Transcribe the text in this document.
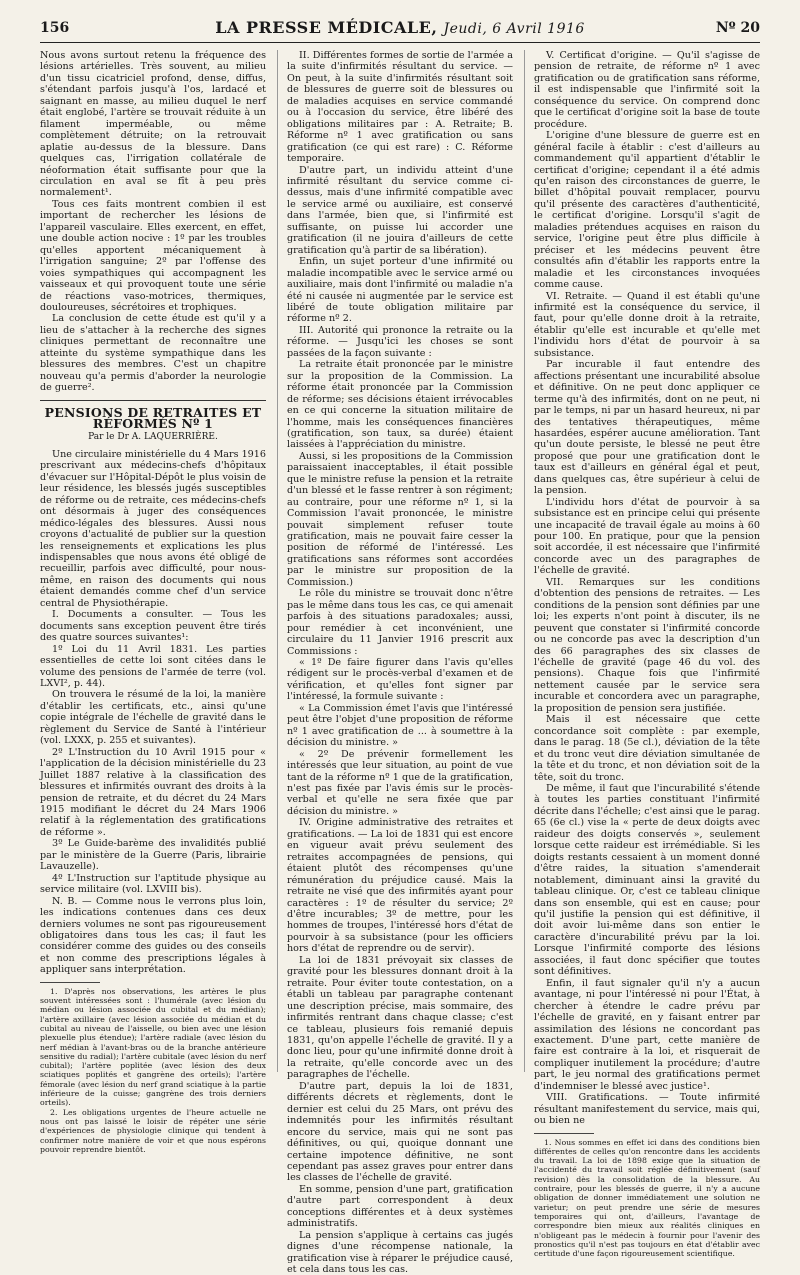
156	LA PRESSE MÉDICALE, Jeudi, 6 Avril 1916	Nº 20

Nous avons surtout retenu la fréquence des lésions artérielles. Très souvent, au milieu d'un tissu cicatriciel profond, dense, diffus, s'étendant parfois jusqu'à l'os, lardacé et saignant en masse, au milieu duquel le nerf était englobé, l'artère se trouvait réduite à un filament imperméable, ou même complètement détruite; on la retrouvait aplatie au-dessus de la blessure. Dans quelques cas, l'irrigation collatérale de néoformation était suffisante pour que la circulation en aval se fît à peu près normalement¹.

Tous ces faits montrent combien il est important de rechercher les lésions de l'appareil vasculaire. Elles exercent, en effet, une double action nocive : 1º par les troubles qu'elles apportent mécaniquement à l'irrigation sanguine; 2º par l'offense des voies sympathiques qui accompagnent les vaisseaux et qui provoquent toute une série de réactions vaso-motrices, thermiques, douloureuses, sécrétoires et trophiques.

La conclusion de cette étude est qu'il y a lieu de s'attacher à la recherche des signes cliniques permettant de reconnaître une atteinte du système sympathique dans les blessures des membres. C'est un chapitre nouveau qu'a permis d'aborder la neurologie de guerre².

PENSIONS DE RETRAITES ET RÉFORMÉS Nº 1
Par le Dr A. LAQUERRIÈRE.

Une circulaire ministérielle du 4 Mars 1916 prescrivant aux médecins-chefs d'hôpitaux d'évacuer sur l'Hôpital-Dépôt le plus voisin de leur résidence, les blessés jugés susceptibles de réforme ou de retraite, ces médecins-chefs ont désormais à juger des conséquences médico-légales des blessures. Aussi nous croyons d'actualité de publier sur la question les renseignements et explications les plus indispensables que nous avons été obligé de recueillir, parfois avec difficulté, pour nous-même, en raison des documents qui nous étaient demandés comme chef d'un service central de Physiothérapie.

I. Documents a consulter. — Tous les documents sans exception peuvent être tirés des quatre sources suivantes¹:

1º Loi du 11 Avril 1831. Les parties essentielles de cette loi sont citées dans le volume des pensions de l'armée de terre (vol. LXVI², p. 44).

On trouvera le résumé de la loi, la manière d'établir les certificats, etc., ainsi qu'une copie intégrale de l'échelle de gravité dans le règlement du Service de Santé à l'intérieur (vol. LXXX, p. 255 et suivantes).

2º L'Instruction du 10 Avril 1915 pour « l'application de la décision ministérielle du 23 Juillet 1887 relative à la classification des blessures et infirmités ouvrant des droits à la pension de retraite, et du décret du 24 Mars 1915 modifiant le décret du 24 Mars 1906 relatif à la réglementation des gratifications de réforme ».

3º Le Guide-barème des invalidités publié par le ministère de la Guerre (Paris, librairie Lavauzelle).

4º L'Instruction sur l'aptitude physique au service militaire (vol. LXVIII bis).

N. B. — Comme nous le verrons plus loin, les indications contenues dans ces deux derniers volumes ne sont pas rigoureusement obligatoires dans tous les cas; il faut les considérer comme des guides ou des conseils et non comme des prescriptions légales à appliquer sans interprétation.

1. D'après nos observations, les artères le plus souvent intéressées sont : l'humérale (avec lésion du médian ou lésion associée du cubital et du médian); l'artère axillaire (avec lésion associée du médian et du cubital au niveau de l'aisselle, ou bien avec une lésion plexuelle plus étendue); l'artère radiale (avec lésion du nerf médian à l'avant-bras ou de la branche antérieure sensitive du radial); l'artère cubitale (avec lésion du nerf cubital); l'artère poplitée (avec lésion des deux sciatiques poplités et gangrène des orteils); l'artère fémorale (avec lésion du nerf grand sciatique à la partie inférieure de la cuisse; gangrène des trois derniers orteils).

2. Les obligations urgentes de l'heure actuelle ne nous ont pas laissé le loisir de répéter une série d'expériences de physiologie clinique qui tendent à confirmer notre manière de voir et que nous espérons pouvoir reprendre bientôt.

II. Différentes formes de sortie de l'armée a la suite d'infirmités résultant du service. — On peut, à la suite d'infirmités résultant soit de blessures de guerre soit de blessures ou de maladies acquises en service commandé ou à l'occasion du service, être libéré des obligations militaires par : A. Retraite; B. Réforme nº 1 avec gratification ou sans gratification (ce qui est rare) : C. Réforme temporaire.

D'autre part, un individu atteint d'une infirmité résultant du service comme ci-dessus, mais d'une infirmité compatible avec le service armé ou auxiliaire, est conservé dans l'armée, bien que, si l'infirmité est suffisante, on puisse lui accorder une gratification (il ne jouira d'ailleurs de cette gratification qu'à partir de sa libération).

Enfin, un sujet porteur d'une infirmité ou maladie incompatible avec le service armé ou auxiliaire, mais dont l'infirmité ou maladie n'a été ni causée ni augmentée par le service est libéré de toute obligation militaire par réforme nº 2.

III. Autorité qui prononce la retraite ou la réforme. — Jusqu'ici les choses se sont passées de la façon suivante :

La retraite était prononcée par le ministre sur la proposition de la Commission. La réforme était prononcée par la Commission de réforme; ses décisions étaient irrévocables en ce qui concerne la situation militaire de l'homme, mais les conséquences financières (gratification, son taux, sa durée) étaient laissées à l'appréciation du ministre.

Aussi, si les propositions de la Commission paraissaient inacceptables, il était possible que le ministre refuse la pension et la retraite d'un blessé et le fasse rentrer à son régiment; au contraire, pour une réforme nº 1, si la Commission l'avait prononcée, le ministre pouvait simplement refuser toute gratification, mais ne pouvait faire cesser la position de réformé de l'intéressé. Les gratifications sans réformes sont accordées par le ministre sur proposition de la Commission.)

Le rôle du ministre se trouvait donc n'être pas le même dans tous les cas, ce qui amenait parfois à des situations paradoxales; aussi, pour remédier à cet inconvénient, une circulaire du 11 Janvier 1916 prescrit aux Commissions :

« 1º De faire figurer dans l'avis qu'elles rédigent sur le procès-verbal d'examen et de vérification, et qu'elles font signer par l'intéressé, la formule suivante :

« La Commission émet l'avis que l'intéressé peut être l'objet d'une proposition de réforme nº 1 avec gratification de ... à soumettre à la décision du ministre. »

« 2º De prévenir formellement les intéressés que leur situation, au point de vue tant de la réforme nº 1 que de la gratification, n'est pas fixée par l'avis émis sur le procès-verbal et qu'elle ne sera fixée que par décision du ministre. »

IV. Origine administrative des retraites et gratifications. — La loi de 1831 qui est encore en vigueur avait prévu seulement des retraites accompagnées de pensions, qui étaient plutôt des récompenses qu'une rémunération du préjudice causé. Mais la retraite ne visé que des infirmités ayant pour caractères : 1º de résulter du service; 2º d'être incurables; 3º de mettre, pour les hommes de troupes, l'intéressé hors d'état de pourvoir à sa subsistance (pour les officiers hors d'état de reprendre ou de servir).

La loi de 1831 prévoyait six classes de gravité pour les blessures donnant droit à la retraite. Pour éviter toute contestation, on a établi un tableau par paragraphe contenant une description précise, mais sommaire, des infirmités rentrant dans chaque classe; c'est ce tableau, plusieurs fois remanié depuis 1831, qu'on appelle l'échelle de gravité. Il y a donc lieu, pour qu'une infirmité donne droit à la retraite, qu'elle concorde avec un des paragraphes de l'échelle.

D'autre part, depuis la loi de 1831, différents décrets et règlements, dont le dernier est celui du 25 Mars, ont prévu des indemnités pour les infirmités résultant encore du service, mais qui ne sont pas définitives, ou qui, quoique donnant une certaine impotence définitive, ne sont cependant pas assez graves pour entrer dans les classes de l'échelle de gravité.

En somme, pension d'une part, gratification d'autre part correspondent à deux conceptions différentes et à deux systèmes administratifs.

La pension s'applique à certains cas jugés dignes d'une récompense nationale, la gratification vise à réparer le préjudice causé, et cela dans tous les cas.

V. Certificat d'origine. — Qu'il s'agisse de pension de retraite, de réforme nº 1 avec gratification ou de gratification sans réforme, il est indispensable que l'infirmité soit la conséquence du service. On comprend donc que le certificat d'origine soit la base de toute procédure.

L'origine d'une blessure de guerre est en général facile à établir : c'est d'ailleurs au commandement qu'il appartient d'établir le certificat d'origine; cependant il a été admis qu'en raison des circonstances de guerre, le billet d'hôpital pouvait remplacer, pourvu qu'il présente des caractères d'authenticité, le certificat d'origine. Lorsqu'il s'agit de maladies prétendues acquises en raison du service, l'origine peut être plus difficile à préciser et les médecins peuvent être consultés afin d'établir les rapports entre la maladie et les circonstances invoquées comme cause.

VI. Retraite. — Quand il est établi qu'une infirmité est la conséquence du service, il faut, pour qu'elle donne droit à la retraite, établir qu'elle est incurable et qu'elle met l'individu hors d'état de pourvoir à sa subsistance.

Par incurable il faut entendre des affections présentant une incurabilité absolue et définitive. On ne peut donc appliquer ce terme qu'à des infirmités, dont on ne peut, ni par le temps, ni par un hasard heureux, ni par des tentatives thérapeutiques, même hasardées, espérer aucune amélioration. Tant qu'un doute persiste, le blessé ne peut être proposé que pour une gratification dont le taux est d'ailleurs en général égal et peut, dans quelques cas, être supérieur à celui de la pension.

L'individu hors d'état de pourvoir à sa subsistance est en principe celui qui présente une incapacité de travail égale au moins à 60 pour 100. En pratique, pour que la pension soit accordée, il est nécessaire que l'infirmité concorde avec un des paragraphes de l'échelle de gravité.

VII. Remarques sur les conditions d'obtention des pensions de retraites. — Les conditions de la pension sont définies par une loi; les experts n'ont point à discuter, ils ne peuvent que constater si l'infirmité concorde ou ne concorde pas avec la description d'un des 66 paragraphes des six classes de l'échelle de gravité (page 46 du vol. des pensions). Chaque fois que l'infirmité nettement causée par le service sera incurable et concordera avec un paragraphe, la proposition de pension sera justifiée.

Mais il est nécessaire que cette concordance soit complète : par exemple, dans le parag. 18 (5e cl.), déviation de la tête et du tronc veut dire déviation simultanée de la tête et du tronc, et non déviation soit de la tête, soit du tronc.

De même, il faut que l'incurabilité s'étende à toutes les parties constituant l'infirmité décrite dans l'échelle; c'est ainsi que le parag. 65 (6e cl.) vise la « perte de deux doigts avec raideur des doigts conservés », seulement lorsque cette raideur est irrémédiable. Si les doigts restants cessaient à un moment donné d'être raides, la situation s'amenderait notablement, diminuant ainsi la gravité du tableau clinique. Or, c'est ce tableau clinique dans son ensemble, qui est en cause; pour qu'il justifie la pension qui est définitive, il doit avoir lui-même dans son entier le caractère d'incurabilité prévu par la loi. Lorsque l'infirmité comporte des lésions associées, il faut donc spécifier que toutes sont définitives.

Enfin, il faut signaler qu'il n'y a aucun avantage, ni pour l'intéressé ni pour l'État, à chercher à étendre le cadre prévu par l'échelle de gravité, en y faisant entrer par assimilation des lésions ne concordant pas exactement. D'une part, cette manière de faire est contraire à la loi, et risquerait de compliquer inutilement la procédure; d'autre part, le jeu normal des gratifications permet d'indemniser le blessé avec justice¹.

VIII. Gratifications. — Toute infirmité résultant manifestement du service, mais qui, ou bien ne

1. Nous sommes en effet ici dans des conditions bien différentes de celles qu'on rencontre dans les accidents du travail. La loi de 1898 exige que la situation de l'accidenté du travail soit réglée définitivement (sauf revision) dès la consolidation de la blessure. Au contraire, pour les blessés de guerre, il n'y a aucune obligation de donner immédiatement une solution ne varietur; on peut prendre une série de mesures temporaires qui ont, d'ailleurs, l'avantage de correspondre bien mieux aux réalités cliniques en n'obligeant pas le médecin à fournir pour l'avenir des pronostics qu'il n'est pas toujours en état d'établir avec certitude d'une façon rigoureusement scientifique.
